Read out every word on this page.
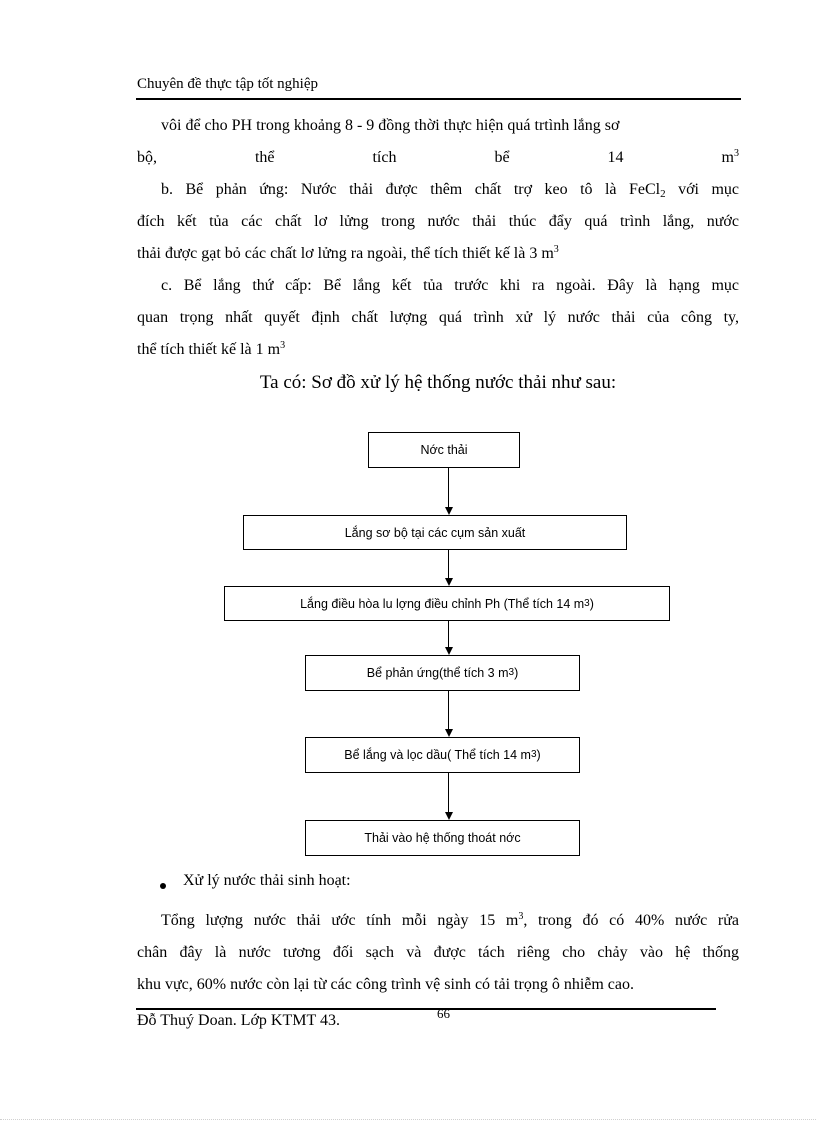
Chuyên đề thực tập tốt nghiệp
vôi để cho PH trong khoảng 8 - 9 đồng thời thực hiện quá trtình lắng sơ
bộ,	thể	tích	bể	14	$m^3$
b. Bể phản ứng: Nước thải được thêm chất trợ keo tô là FeCl$_2$ với mục
đích kết tủa các chất lơ lửng trong nước thải thúc đẩy quá trình lắng, nước
thải được gạt bỏ các chất lơ lửng ra ngoài, thể tích thiết kế là 3 $m^3$
c. Bể lắng thứ cấp: Bể lắng kết tủa trước khi ra ngoài. Đây là hạng mục
quan trọng nhất quyết định chất lượng quá trình xử lý nước thải của công ty,
thể tích thiết kế là 1 $m^3$
Ta có: Sơ đồ xử lý hệ thống nước thải như sau:
Nớc thải
Lắng sơ bộ tại các cụm sản xuất
Lắng điều hòa lu lợng điều chỉnh Ph (Thể tích 14 m 3 )
Bể phản ứng(thể tích 3 m 3 )
Bể lắng và lọc dầu( Thể tích 14 m 3 )
Thải vào hệ thống thoát nớc
Xử lý nước thải sinh hoạt:
Tổng lượng nước thải ước tính mỗi ngày 15 $m^3$, trong đó có 40% nước rửa
chân đây là nước tương đối sạch và được tách riêng cho chảy vào hệ thống
khu vực, 60% nước còn lại từ các công trình vệ sinh có tải trọng ô nhiễm cao.
66
Đỗ Thuý Doan. Lớp KTMT 43.
